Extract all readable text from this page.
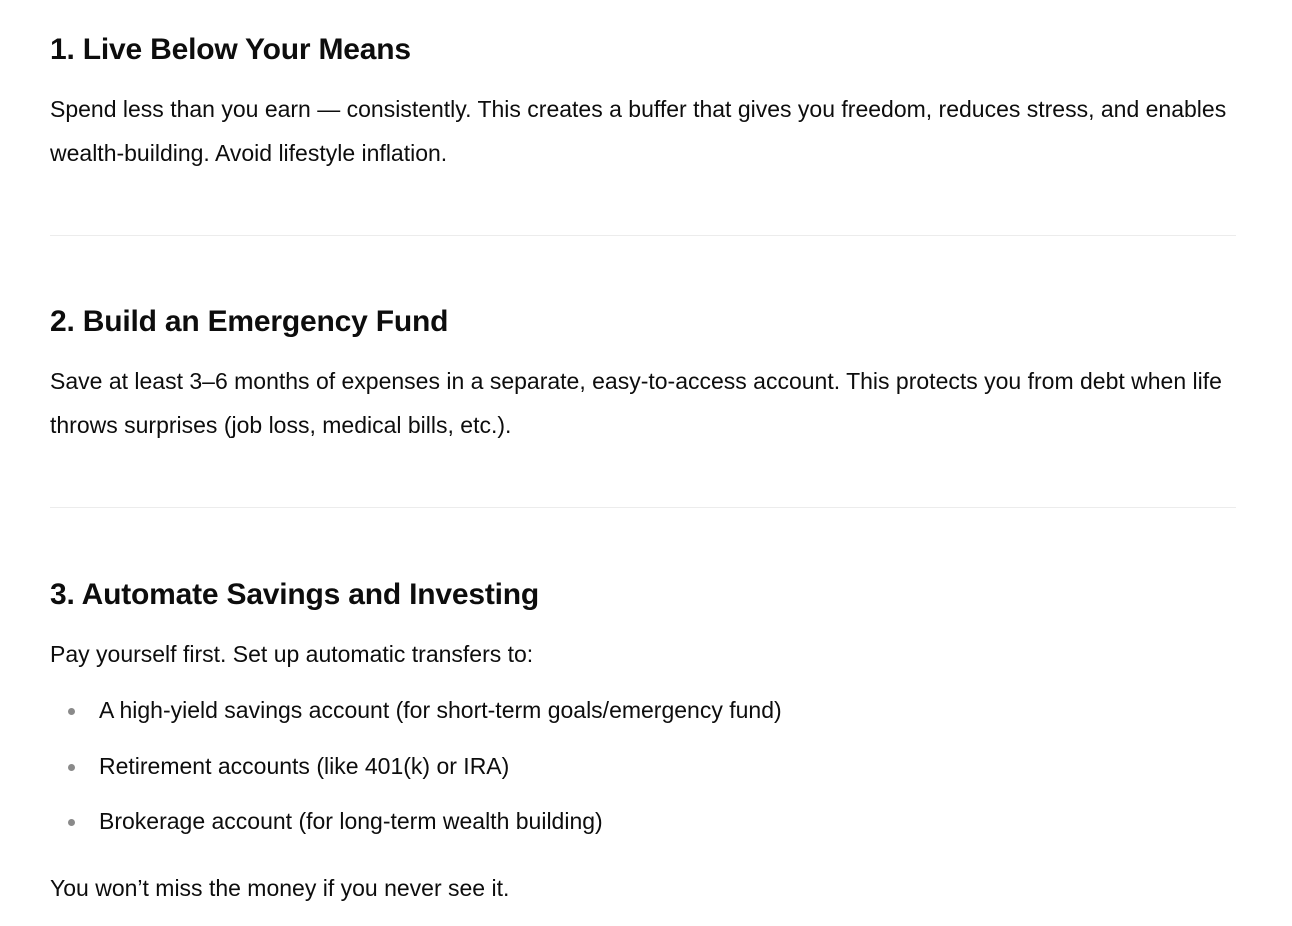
1. Live Below Your Means

Spend less than you earn — consistently. This creates a buffer that gives you freedom, reduces stress, and enables wealth-building. Avoid lifestyle inflation.

2. Build an Emergency Fund

Save at least 3–6 months of expenses in a separate, easy-to-access account. This protects you from debt when life throws surprises (job loss, medical bills, etc.).

3. Automate Savings and Investing

Pay yourself first. Set up automatic transfers to:

A high-yield savings account (for short-term goals/emergency fund)
Retirement accounts (like 401(k) or IRA)
Brokerage account (for long-term wealth building)

You won’t miss the money if you never see it.
